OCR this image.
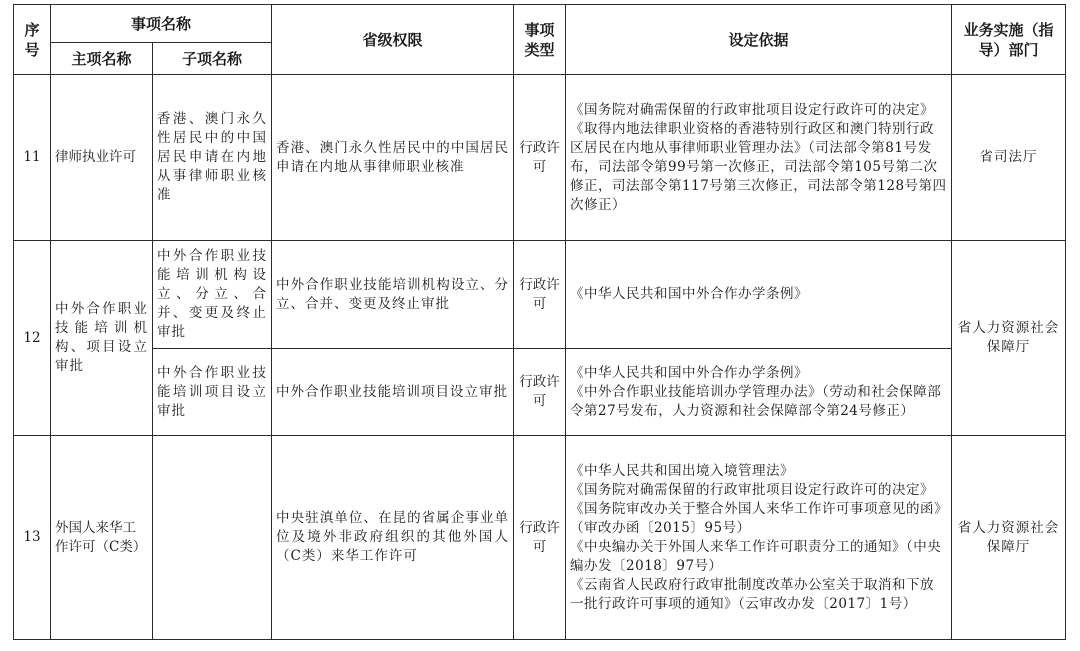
序号	事项名称		省级权限	事项类型	设定依据	业务实施（指导）部门
	主项名称	子项名称				
11	律师执业许可	香港、澳门永久性居民中的中国居民申请在内地从事律师职业核准	香港、澳门永久性居民中的中国居民申请在内地从事律师职业核准	行政许可	《国务院对确需保留的行政审批项目设定行政许可的决定》
《取得内地法律职业资格的香港特别行政区和澳门特别行政区居民在内地从事律师职业管理办法》（司法部令第81号发布，司法部令第99号第一次修正，司法部令第105号第二次修正，司法部令第117号第三次修正，司法部令第128号第四次修正）	省司法厅
12	中外合作职业技能培训机构、项目设立审批	中外合作职业技能培训机构设立、分立、合并、变更及终止审批	中外合作职业技能培训机构设立、分立、合并、变更及终止审批	行政许可	《中华人民共和国中外合作办学条例》	省人力资源社会保障厅
		中外合作职业技能培训项目设立审批	中外合作职业技能培训项目设立审批	行政许可	《中华人民共和国中外合作办学条例》
《中外合作职业技能培训办学管理办法》（劳动和社会保障部令第27号发布，人力资源和社会保障部令第24号修正）	

13	外国人来华工作许可（C类）		中央驻滇单位、在昆的省属企事业单位及境外非政府组织的其他外国人（C类）来华工作许可	行政许可	《中华人民共和国出境入境管理法》
《国务院对确需保留的行政审批项目设定行政许可的决定》
《国务院审改办关于整合外国人来华工作许可事项意见的函》（审改办函〔2015〕95号）
《中央编办关于外国人来华工作许可职责分工的通知》（中央编办发〔2018〕97号）
《云南省人民政府行政审批制度改革办公室关于取消和下放一批行政许可事项的通知》（云审改办发〔2017〕1号）	省人力资源社会保障厅
